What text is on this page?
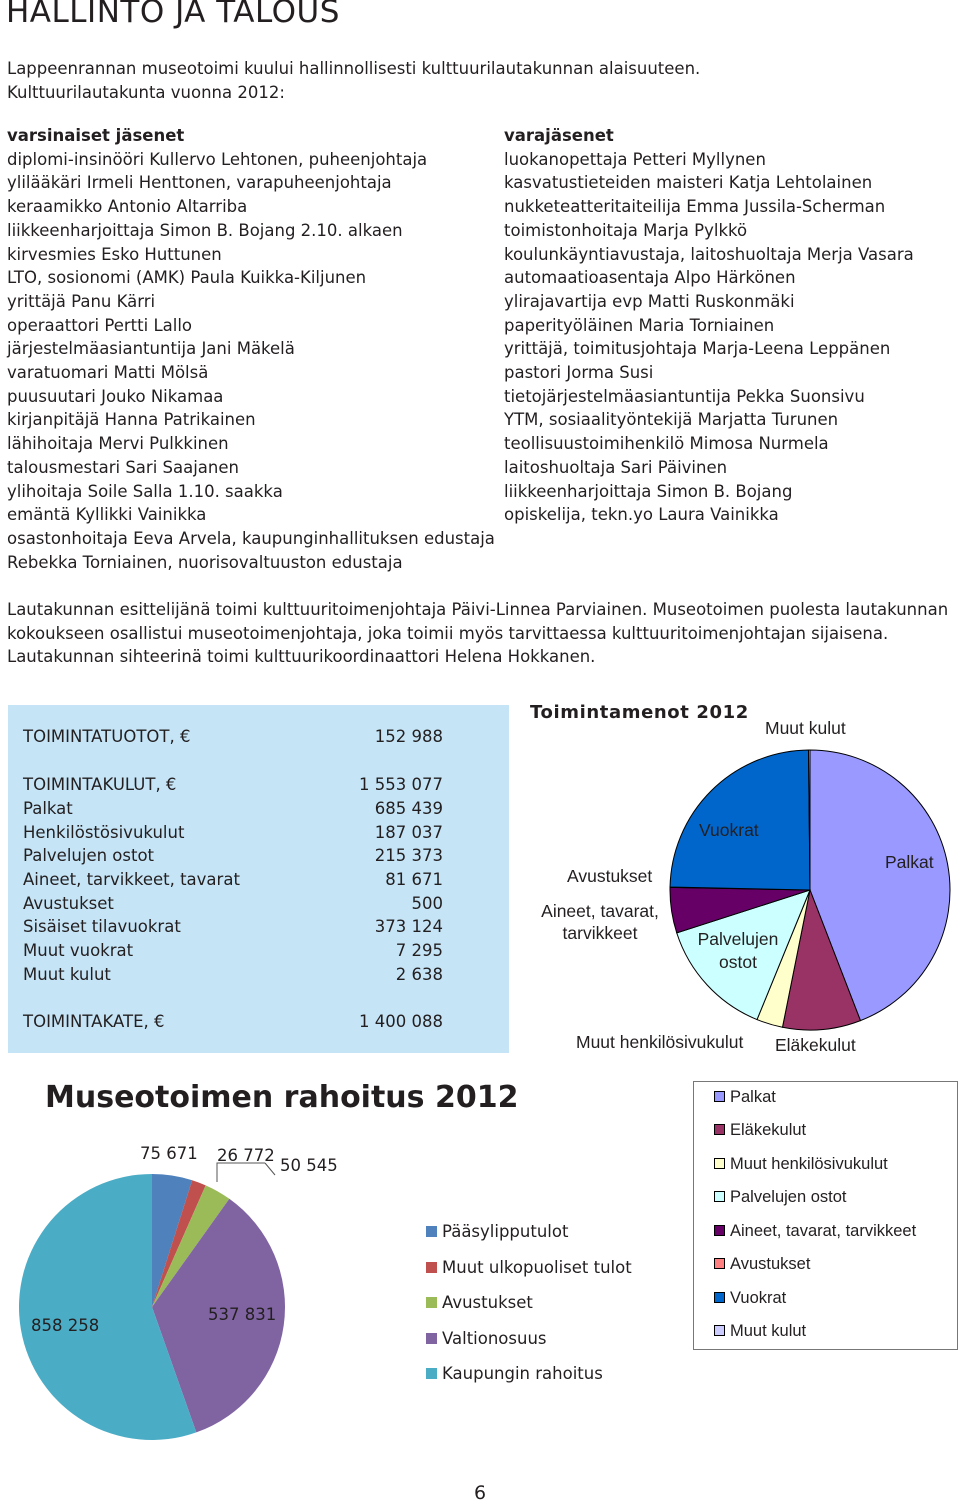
HALLINTO JA TALOUS
Lappeenrannan museotoimi kuului hallinnollisesti kulttuurilautakunnan alaisuuteen.
Kulttuurilautakunta vuonna 2012:
varsinaiset jäsenet
diplomi-insinööri Kullervo Lehtonen, puheenjohtaja
ylilääkäri Irmeli Henttonen, varapuheenjohtaja
keraamikko Antonio Altarriba
liikkeenharjoittaja Simon B. Bojang 2.10. alkaen
kirvesmies Esko Huttunen
LTO, sosionomi (AMK) Paula Kuikka-Kiljunen
yrittäjä Panu Kärri
operaattori Pertti Lallo
järjestelmäasiantuntija Jani Mäkelä
varatuomari Matti Mölsä
puusuutari Jouko Nikamaa
kirjanpitäjä Hanna Patrikainen
lähihoitaja Mervi Pulkkinen
talousmestari Sari Saajanen
ylihoitaja Soile Salla 1.10. saakka
emäntä Kyllikki Vainikka
osastonhoitaja Eeva Arvela, kaupunginhallituksen edustaja
Rebekka Torniainen, nuorisovaltuuston edustaja
varajäsenet
luokanopettaja Petteri Myllynen
kasvatustieteiden maisteri Katja Lehtolainen
nukketeatteritaiteilija Emma Jussila-Scherman
toimistonhoitaja Marja Pylkkö
koulunkäyntiavustaja, laitoshuoltaja Merja Vasara
automaatioasentaja Alpo Härkönen
ylirajavartija evp Matti Ruskonmäki
paperityöläinen Maria Torniainen
yrittäjä, toimitusjohtaja Marja-Leena Leppänen
pastori Jorma Susi
tietojärjestelmäasiantuntija Pekka Suonsivu
YTM, sosiaalityöntekijä Marjatta Turunen
teollisuustoimihenkilö Mimosa Nurmela
laitoshuoltaja Sari Päivinen
liikkeenharjoittaja Simon B. Bojang
opiskelija, tekn.yo Laura Vainikka
Lautakunnan esittelijänä toimi kulttuuritoimenjohtaja Päivi-Linnea Parviainen. Museotoimen puolesta lautakunnan
kokoukseen osallistui museotoimenjohtaja, joka toimii myös tarvittaessa kulttuuritoimenjohtajan sijaisena.
Lautakunnan sihteerinä toimi kulttuurikoordinaattori Helena Hokkanen.
TOIMINTATUOTOT, €	152 988
TOIMINTAKULUT, €	1 553 077
Palkat	685 439
Henkilöstösivukulut	187 037
Palvelujen ostot	215 373
Aineet, tarvikkeet, tavarat	81 671
Avustukset	500
Sisäiset tilavuokrat	373 124
Muut vuokrat	7 295
Muut kulut	2 638
TOIMINTAKATE, €	1 400 088
Toimintamenot 2012
Muut kulut
Vuokrat
Palkat
Avustukset
Aineet, tavarat, tarvikkeet	Palvelujen ostot
Muut henkilösivukulut Eläkekulut
Palkat
Eläkekulut
Muut henkilösivukulut
Palvelujen ostot
Aineet, tavarat, tarvikkeet
Avustukset
Vuokrat
Muut kulut
Museotoimen rahoitus 2012
75 671 26 772
50 545
537 831
858 258
Pääsylipputulot
Muut ulkopuoliset tulot
Avustukset
Valtionosuus
Kaupungin rahoitus
6
